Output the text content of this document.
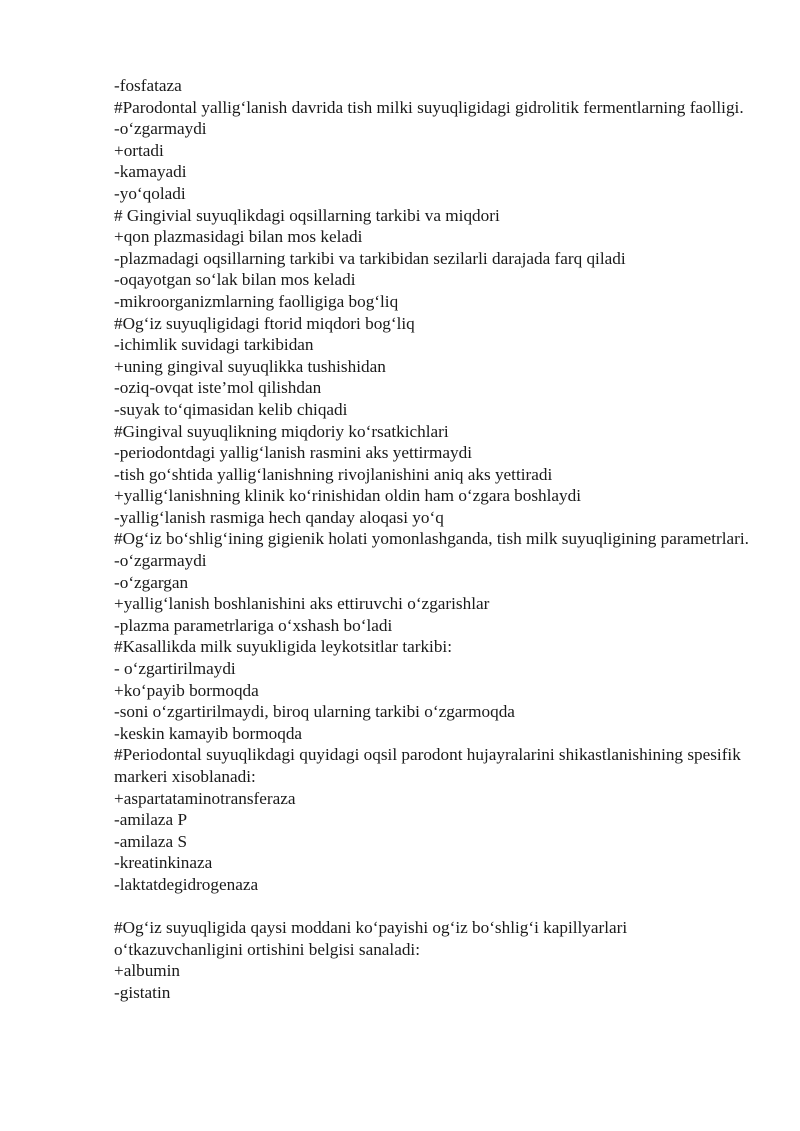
-fosfataza

#Parodontal yallig‘lanish davrida tish milki suyuqligidagi gidrolitik fermentlarning faolligi.

-o‘zgarmaydi

+ortadi

-kamayadi

-yo‘qoladi

# Gingivial suyuqlikdagi oqsillarning tarkibi va miqdori

+qon plazmasidagi bilan mos keladi

-plazmadagi oqsillarning tarkibi va tarkibidan sezilarli darajada farq qiladi

-oqayotgan so‘lak bilan mos keladi

-mikroorganizmlarning faolligiga bog‘liq

#Og‘iz suyuqligidagi ftorid miqdori bog‘liq

-ichimlik suvidagi tarkibidan

+uning gingival suyuqlikka tushishidan

-oziq-ovqat iste’mol qilishdan

-suyak to‘qimasidan kelib chiqadi

#Gingival suyuqlikning miqdoriy ko‘rsatkichlari

-periodontdagi yallig‘lanish rasmini aks yettirmaydi

-tish go‘shtida yallig‘lanishning rivojlanishini aniq aks yettiradi

+yallig‘lanishning klinik ko‘rinishidan oldin ham o‘zgara boshlaydi

-yallig‘lanish rasmiga hech qanday aloqasi yo‘q

#Og‘iz bo‘shlig‘ining gigienik holati yomonlashganda, tish milk suyuqligining parametrlari.

-o‘zgarmaydi

-o‘zgargan

+yallig‘lanish boshlanishini aks ettiruvchi o‘zgarishlar

-plazma parametrlariga o‘xshash bo‘ladi

#Kasallikda milk suyukligida leykotsitlar tarkibi:

- o‘zgartirilmaydi

+ko‘payib bormoqda

-soni o‘zgartirilmaydi, biroq ularning tarkibi o‘zgarmoqda

-keskin kamayib bormoqda

#Periodontal suyuqlikdagi quyidagi oqsil parodont hujayralarini shikastlanishining spesifik markeri xisoblanadi:

+aspartataminotransferaza

-amilaza P

-amilaza S

-kreatinkinaza

-laktatdegidrogenaza

#Og‘iz suyuqligida qaysi moddani ko‘payishi og‘iz bo‘shlig‘i kapillyarlari o‘tkazuvchanligini ortishini belgisi sanaladi:

+albumin

-gistatin
